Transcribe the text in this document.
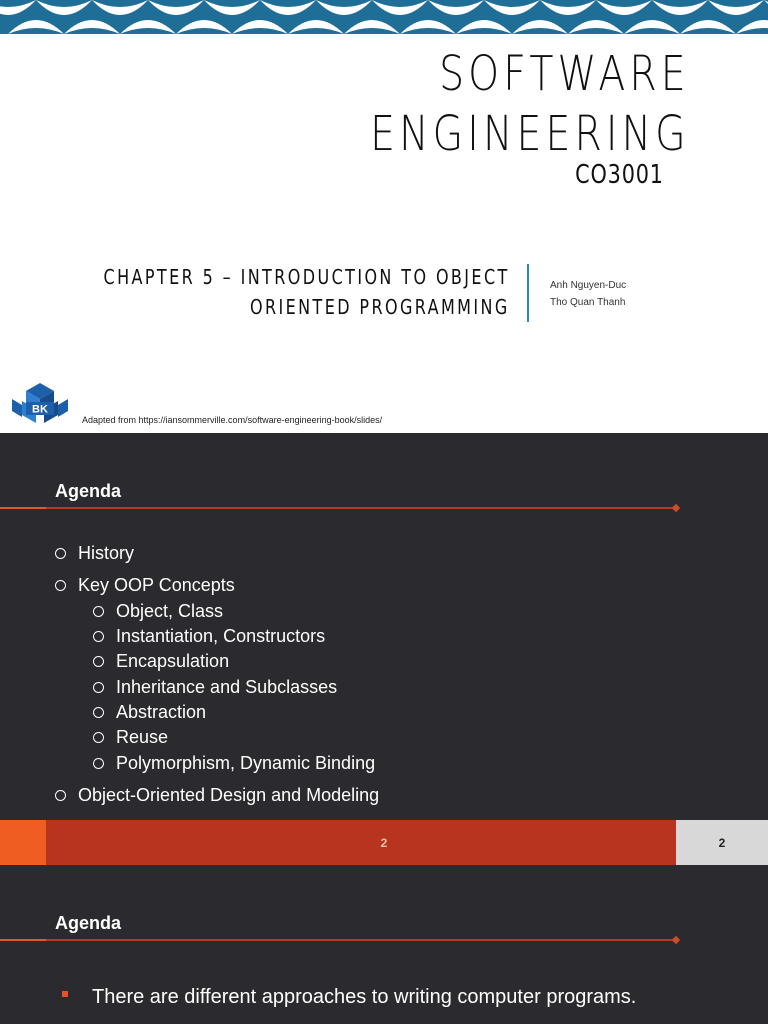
SOFTWARE
ENGINEERING
CO3001
CHAPTER 5 – INTRODUCTION TO OBJECT
ORIENTED PROGRAMMING
Anh Nguyen-Duc
Tho Quan Thanh
BK
Adapted from https://iansommerville.com/software-engineering-book/slides/
Agenda
History
Key OOP Concepts
Object, Class
Instantiation, Constructors
Encapsulation
Inheritance and Subclasses
Abstraction
Reuse
Polymorphism, Dynamic Binding
Object-Oriented Design and Modeling
2	2
Agenda
There are different approaches to writing computer programs.
